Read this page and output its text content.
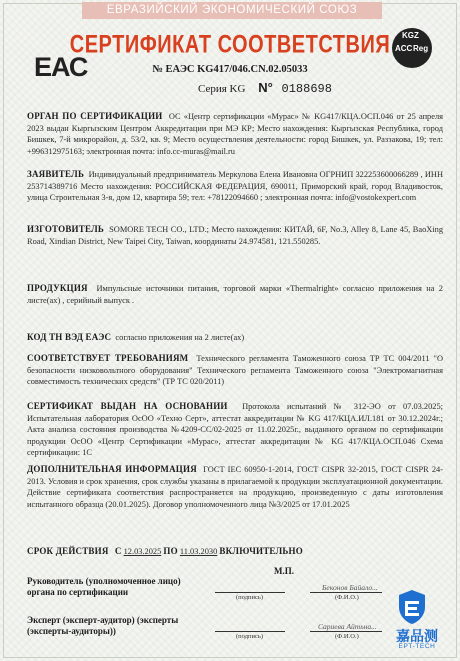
ЕВРАЗИЙСКИЙ ЭКОНОМИЧЕСКИЙ СОЮЗ
ЕАС
KGZ
ACC Reg
СЕРТИФИКАТ СООТВЕТСТВИЯ
№ ЕАЭС KG417/046.CN.02.05033
Серия KG N° 0188698
ОРГАН ПО СЕРТИФИКАЦИИ ОС «Центр сертификации «Мурас» № KG417/КЦА.ОСП.046 от 25 апреля 2023 выдан Кыргызским Центром Аккредитации при МЭ КР; Место нахождения: Кыргызская Республика, город Бишкек, 7-й микрорайон, д. 53/2, кв. 9; Место осуществления деятельности: город Бишкек, ул. Раззакова, 19; тел: +996312975163; электронная почта: info.cc-muras@mail.ru
ЗАЯВИТЕЛЬ Индивидуальный предприниматель Меркулова Елена Ивановна ОГРНИП 322253600066289 , ИНН 253714389716 Место нахождения: РОССИЙСКАЯ ФЕДЕРАЦИЯ, 690011, Приморский край, город Владивосток, улица Строительная 3-я, дом 12, квартира 59; тел: +78122094660 ; электронная почта: info@vostokexpert.com
ИЗГОТОВИТЕЛЬ SOMORE TECH CO., LTD.; Место нахождения: КИТАЙ, 6F, No.3, Alley 8, Lane 45, BaoXing Road, Xindian District, New Taipei City, Taiwan, координаты 24.974581, 121.550285.
ПРОДУКЦИЯ Импульсные источники питания, торговой марки «Thermalright» согласно приложения на 2 листе(ах) , серийный выпуск .
КОД ТН ВЭД ЕАЭС согласно приложения на 2 листе(ах)
СООТВЕТСТВУЕТ ТРЕБОВАНИЯМ Технического регламента Таможенного союза ТР ТС 004/2011 "О безопасности низковольтного оборудования" Технического регламента Таможенного союза "Электромагнитная совместимость технических средств" (ТР ТС 020/2011)
СЕРТИФИКАТ ВЫДАН НА ОСНОВАНИИ Протокола испытаний № 312-ЭО от 07.03.2025; Испытательная лаборатория ОсОО «Техно Серт», аттестат аккредитации № KG 417/КЦА.ИЛ.181 от 30.12.2024г.; Акта анализа состояния производства №4209-СС/02-2025 от 11.02.2025г., выданного органом по сертификации продукции ОсОО «Центр Сертификации «Мурас», аттестат аккредитации № KG 417/КЦА.ОСП.046 Схема сертификации: 1С
ДОПОЛНИТЕЛЬНАЯ ИНФОРМАЦИЯ ГОСТ IEC 60950-1-2014, ГОСТ CISPR 32-2015, ГОСТ CISPR 24-2013. Условия и срок хранения, срок службы указаны в прилагаемой к продукции эксплуатационной документации. Действие сертификата соответствия распространяется на продукцию, произведенную с даты изготовления испытанного образца (20.01.2025). Договор уполномоченного лица №3/2025 от 17.01.2025
СРОК ДЕЙСТВИЯ С 12.03.2025 ПО 11.03.2030 ВКЛЮЧИТЕЛЬНО
Руководитель (уполномоченное лицо) органа по сертификации
М.П.
(подпись)
Беконов Байало...
(Ф.И.О.)
Эксперт (эксперт-аудитор) (эксперты (эксперты-аудиторы))
(подпись)
Сариева Айтьна...
(Ф.И.О.)	嘉品测
EPT-TECH
